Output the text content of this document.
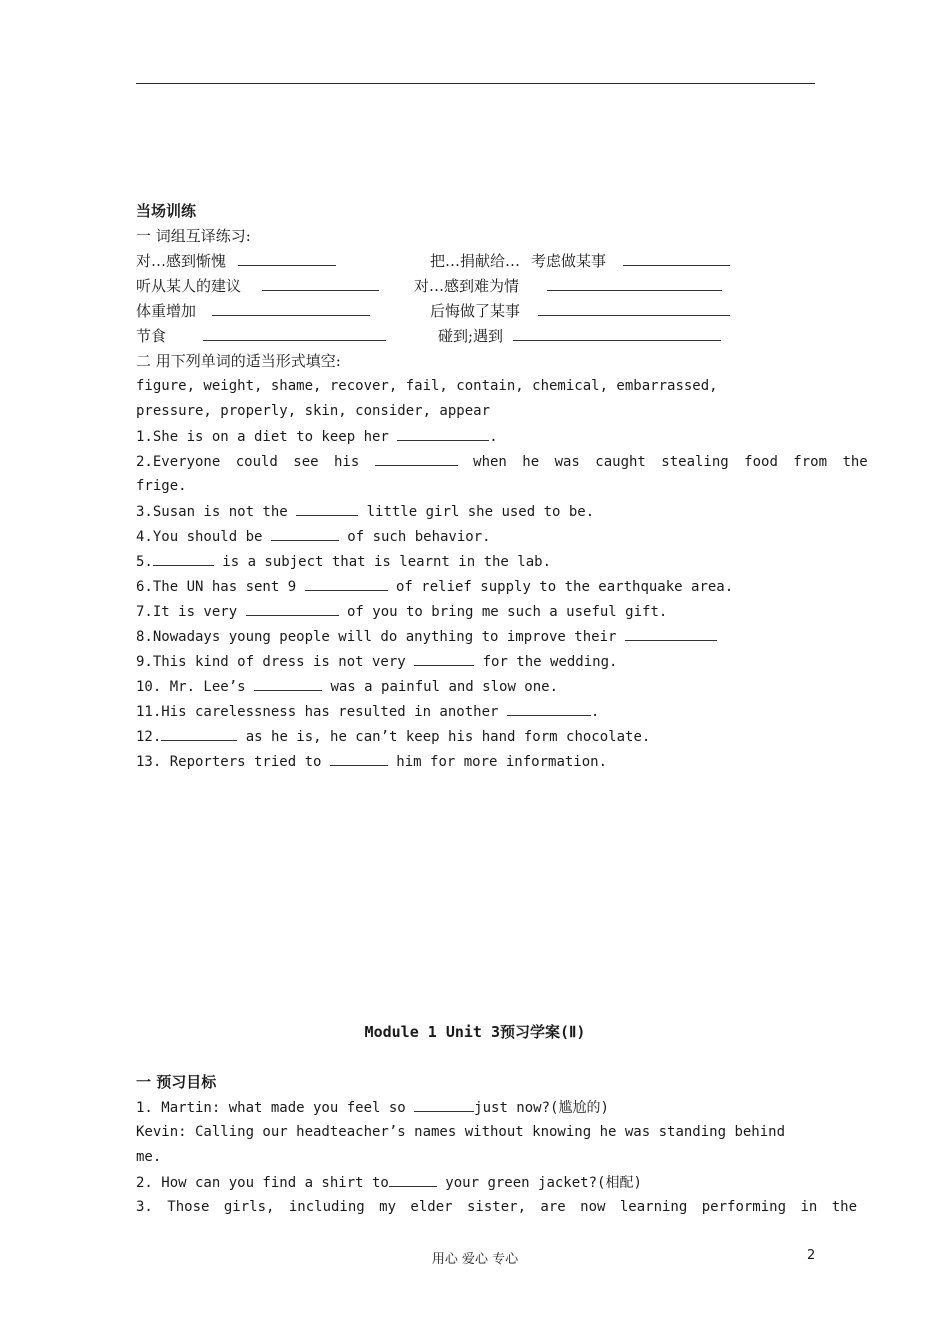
当场训练
一 词组互译练习:
对…感到惭愧	把…捐献给… 考虑做某事
听从某人的建议	对…感到难为情
体重增加	后悔做了某事
节食	碰到;遇到
二 用下列单词的适当形式填空:
figure, weight, shame, recover, fail, contain, chemical, embarrassed,
pressure, properly, skin, consider, appear
1.She is on a diet to keep her	.
2.Everyone could see his	when he was caught stealing food from the
frige.
3.Susan is not the	little girl she used to be.
4.You should be	of such behavior.
5.	is a subject that is learnt in the lab.
6.The UN has sent 9	of relief supply to the earthquake area.
7.It is very	of you to bring me such a useful gift.
8.Nowadays young people will do anything to improve their
9.This kind of dress is not very	for the wedding.
10. Mr. Lee’s	was a painful and slow one.
11.His carelessness has resulted in another	.
12.	as he is, he can’t keep his hand form chocolate.
13. Reporters tried to	him for more information.
Module 1 Unit 3预习学案(Ⅱ)
一 预习目标
1. Martin: what made you feel so	just now?(尴尬的)
Kevin: Calling our headteacher’s names without knowing he was standing behind
me.
2. How can you find a shirt to	your green jacket?(相配)
3. Those girls, including my elder sister, are now learning performing in the
用心 爱心 专心	2
